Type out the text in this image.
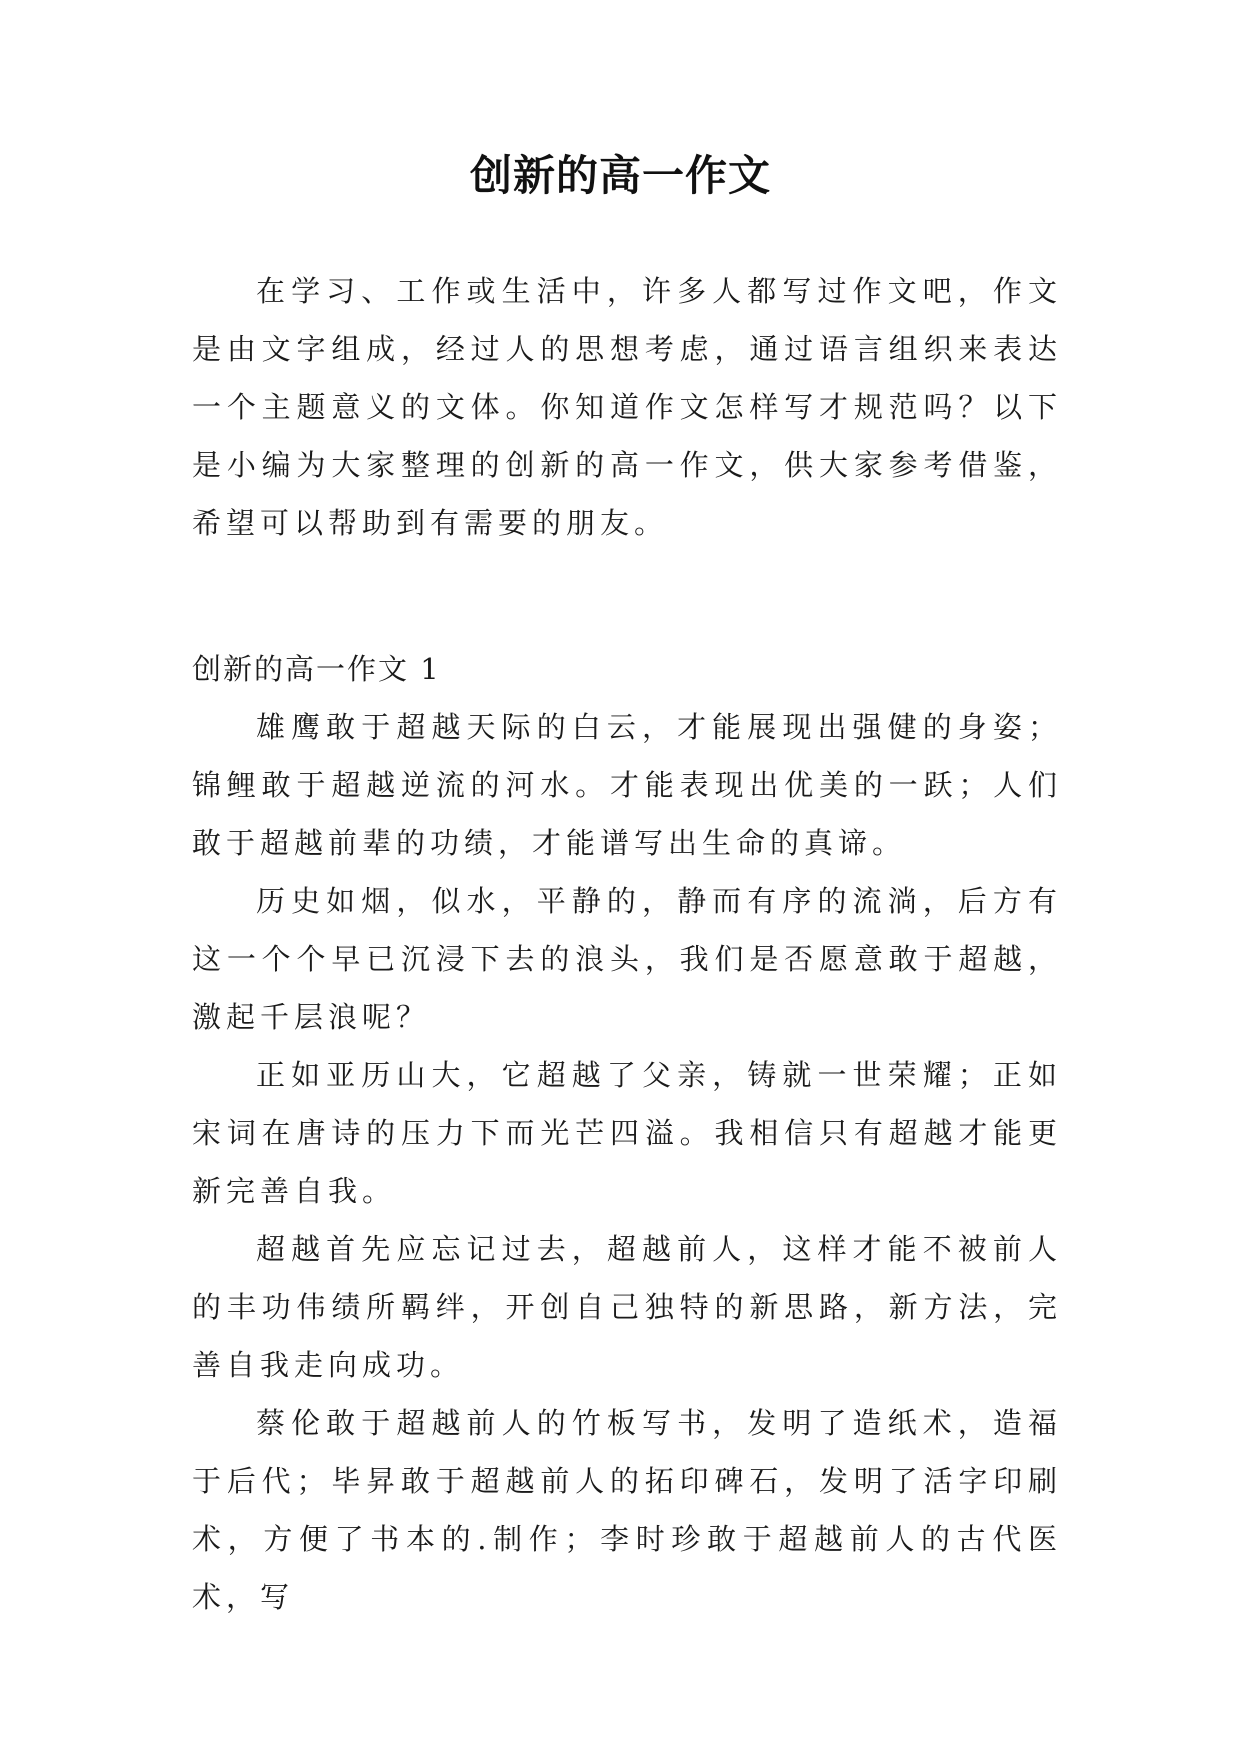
创新的高一作文
在学习、工作或生活中，许多人都写过作文吧，作文是由文字组成，经过人的思想考虑，通过语言组织来表达一个主题意义的文体。你知道作文怎样写才规范吗？以下是小编为大家整理的创新的高一作文，供大家参考借鉴，希望可以帮助到有需要的朋友。
创新的高一作文 1

雄鹰敢于超越天际的白云，才能展现出强健的身姿；锦鲤敢于超越逆流的河水。才能表现出优美的一跃；人们敢于超越前辈的功绩，才能谱写出生命的真谛。

历史如烟，似水，平静的，静而有序的流淌，后方有这一个个早已沉浸下去的浪头，我们是否愿意敢于超越，激起千层浪呢？

正如亚历山大，它超越了父亲，铸就一世荣耀；正如宋词在唐诗的压力下而光芒四溢。我相信只有超越才能更新完善自我。

超越首先应忘记过去，超越前人，这样才能不被前人的丰功伟绩所羁绊，开创自己独特的新思路，新方法，完善自我走向成功。

蔡伦敢于超越前人的竹板写书，发明了造纸术，造福于后代；毕昇敢于超越前人的拓印碑石，发明了活字印刷术，方便了书本的.制作；李时珍敢于超越前人的古代医术，写
